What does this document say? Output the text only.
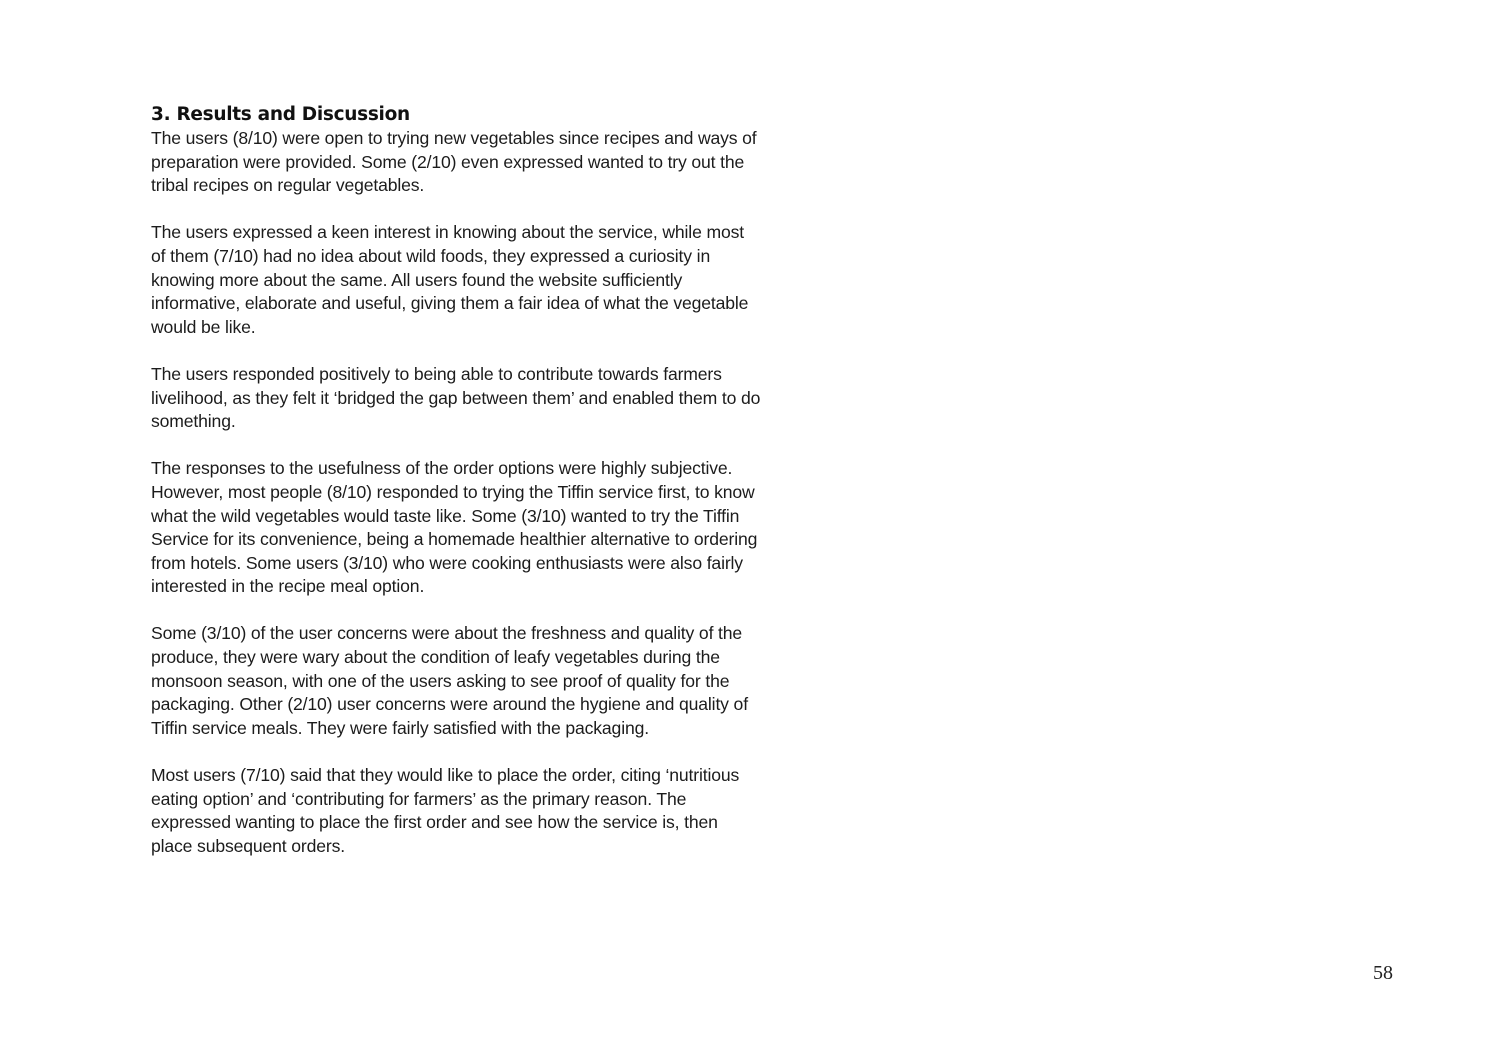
3. Results and Discussion

The users (8/10) were open to trying new vegetables since recipes and ways of preparation were provided. Some (2/10) even expressed wanted to try out the tribal recipes on regular vegetables.

The users expressed a keen interest in knowing about the service, while most of them (7/10) had no idea about wild foods, they expressed a curiosity in knowing more about the same. All users found the website sufficiently informative, elaborate and useful, giving them a fair idea of what the vegetable would be like.

The users responded positively to being able to contribute towards farmers livelihood, as they felt it ‘bridged the gap between them’ and enabled them to do something.

The responses to the usefulness of the order options were highly subjective. However, most people (8/10) responded to trying the Tiffin service first, to know what the wild vegetables would taste like. Some (3/10) wanted to try the Tiffin Service for its convenience, being a homemade healthier alternative to ordering from hotels. Some users (3/10) who were cooking enthusiasts were also fairly interested in the recipe meal option.

Some (3/10) of the user concerns were about the freshness and quality of the produce, they were wary about the condition of leafy vegetables during the monsoon season, with one of the users asking to see proof of quality for the packaging. Other (2/10) user concerns were around the hygiene and quality of Tiffin service meals. They were fairly satisfied with the packaging.

Most users (7/10) said that they would like to place the order, citing ‘nutritious eating option’ and ‘contributing for farmers’ as the primary reason. The expressed wanting to place the first order and see how the service is, then place subsequent orders.

58
